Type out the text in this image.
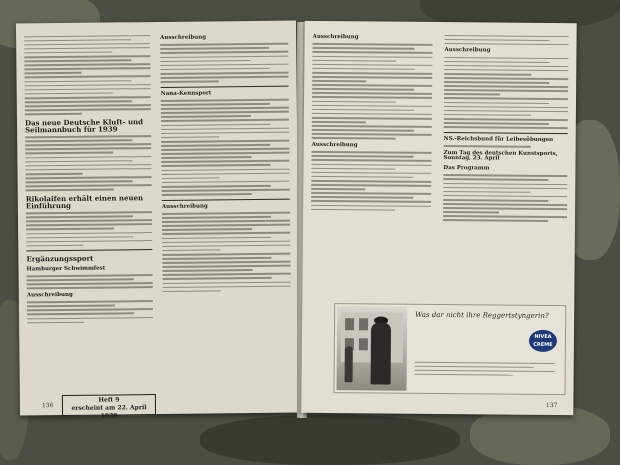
Das neue Deutsche Kluft- und Seilmannbuch für 1939
Rikolaifen erhält einen neuen Einführung
Ergänzungssport
Hamburger Schwimmfest
Ausschreibung
Ausschreibung
Nana-Kennsport
Ausschreibung
Heft 9
erscheint am 22. April 1939
136
Ausschreibung
Ausschreibung
Ausschreibung
NS.-Reichsbund für Leibesübungen
Zum Tag des deutschen Kunstsports, Sonntag, 23. April
Das Programm
Was dar nicht ihre Reggertstyngerin?
NIVEA CREME
137
